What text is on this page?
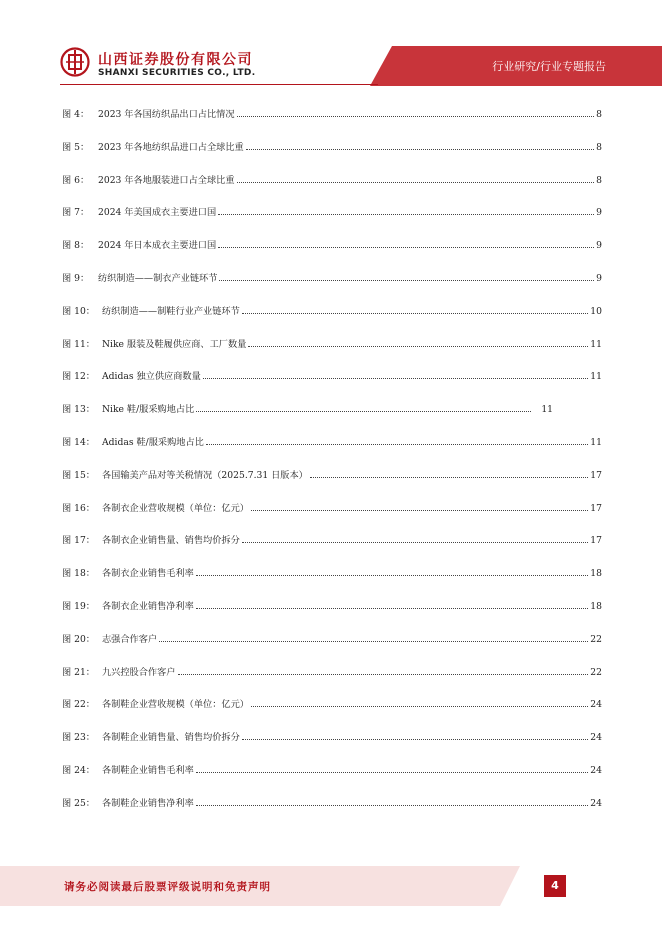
山西证券股份有限公司
SHANXI SECURITIES CO., LTD.	行业研究/行业专题报告
图 4： 2023 年各国纺织品出口占比情况	8
图 5： 2023 年各地纺织品进口占全球比重	8
图 6： 2023 年各地服装进口占全球比重	8
图 7： 2024 年美国成衣主要进口国	9
图 8： 2024 年日本成衣主要进口国	9
图 9： 纺织制造——制衣产业链环节	9
图 10： 纺织制造——制鞋行业产业链环节	10
图 11： Nike 服装及鞋履供应商、工厂数量	11
图 12： Adidas 独立供应商数量	11
图 13： Nike 鞋/服采购地占比	11
图 14： Adidas 鞋/服采购地占比	11
图 15： 各国输美产品对等关税情况（2025.7.31 日版本）	17
图 16： 各制衣企业营收规模（单位：亿元）	17
图 17： 各制衣企业销售量、销售均价拆分	17
图 18： 各制衣企业销售毛利率	18
图 19： 各制衣企业销售净利率	18
图 20： 志强合作客户	22
图 21： 九兴控股合作客户	22
图 22： 各制鞋企业营收规模（单位：亿元）	24
图 23： 各制鞋企业销售量、销售均价拆分	24
图 24： 各制鞋企业销售毛利率	24
图 25： 各制鞋企业销售净利率	24
请务必阅读最后股票评级说明和免责声明	4
